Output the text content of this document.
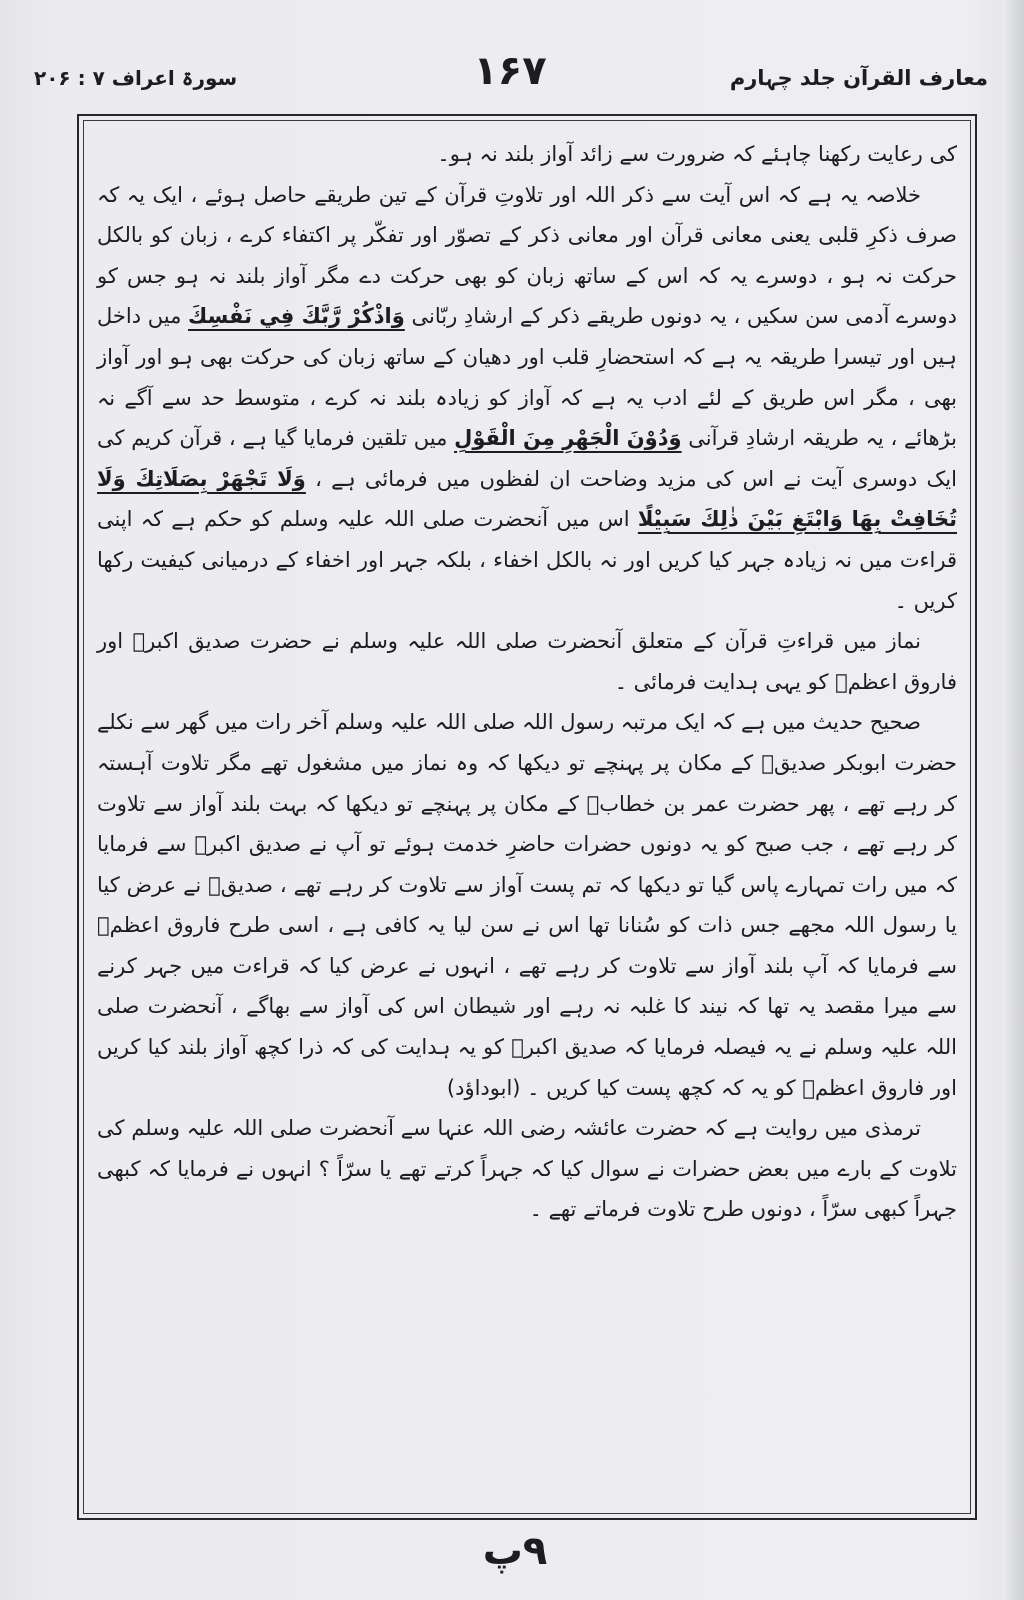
سورۃ اعراف ۷ : ۲۰۶	۱۶۷	معارف القرآن جلد چہارم

کی رعایت رکھنا چاہئے کہ ضرورت سے زائد آواز بلند نہ ہو۔

خلاصہ یہ ہے کہ اس آیت سے ذکر اللہ اور تلاوتِ قرآن کے تین طریقے حاصل ہوئے ، ایک یہ کہ صرف ذکرِ قلبی یعنی معانی قرآن اور معانی ذکر کے تصوّر اور تفکّر پر اکتفاء کرے ، زبان کو بالکل حرکت نہ ہو ، دوسرے یہ کہ اس کے ساتھ زبان کو بھی حرکت دے مگر آواز بلند نہ ہو جس کو دوسرے آدمی سن سکیں ، یہ دونوں طریقے ذکر کے ارشادِ ربّانی وَاذْكُرْ رَّبَّكَ فِي نَفْسِكَ میں داخل ہیں اور تیسرا طریقہ یہ ہے کہ استحضارِ قلب اور دھیان کے ساتھ زبان کی حرکت بھی ہو اور آواز بھی ، مگر اس طریق کے لئے ادب یہ ہے کہ آواز کو زیادہ بلند نہ کرے ، متوسط حد سے آگے نہ بڑھائے ، یہ طریقہ ارشادِ قرآنی وَدُوْنَ الْجَهْرِ مِنَ الْقَوْلِ میں تلقین فرمایا گیا ہے ، قرآن کریم کی ایک دوسری آیت نے اس کی مزید وضاحت ان لفظوں میں فرمائی ہے ، وَلَا تَجْهَرْ بِصَلَاتِكَ وَلَا تُخَافِتْ بِهَا وَابْتَغِ بَيْنَ ذٰلِكَ سَبِيْلًا اس میں آنحضرت صلی اللہ علیہ وسلم کو حکم ہے کہ اپنی قراءت میں نہ زیادہ جہر کیا کریں اور نہ بالکل اخفاء ، بلکہ جہر اور اخفاء کے درمیانی کیفیت رکھا کریں ۔

نماز میں قراءتِ قرآن کے متعلق آنحضرت صلی اللہ علیہ وسلم نے حضرت صدیق اکبرؓ اور فاروق اعظمؓ کو یہی ہدایت فرمائی ۔

صحیح حدیث میں ہے کہ ایک مرتبہ رسول اللہ صلی اللہ علیہ وسلم آخر رات میں گھر سے نکلے حضرت ابوبکر صدیقؓ کے مکان پر پہنچے تو دیکھا کہ وہ نماز میں مشغول تھے مگر تلاوت آہستہ کر رہے تھے ، پھر حضرت عمر بن خطابؓ کے مکان پر پہنچے تو دیکھا کہ بہت بلند آواز سے تلاوت کر رہے تھے ، جب صبح کو یہ دونوں حضرات حاضرِ خدمت ہوئے تو آپ نے صدیق اکبرؓ سے فرمایا کہ میں رات تمہارے پاس گیا تو دیکھا کہ تم پست آواز سے تلاوت کر رہے تھے ، صدیقؓ نے عرض کیا یا رسول اللہ مجھے جس ذات کو سُنانا تھا اس نے سن لیا یہ کافی ہے ، اسی طرح فاروق اعظمؓ سے فرمایا کہ آپ بلند آواز سے تلاوت کر رہے تھے ، انہوں نے عرض کیا کہ قراءت میں جہر کرنے سے میرا مقصد یہ تھا کہ نیند کا غلبہ نہ رہے اور شیطان اس کی آواز سے بھاگے ، آنحضرت صلی اللہ علیہ وسلم نے یہ فیصلہ فرمایا کہ صدیق اکبرؓ کو یہ ہدایت کی کہ ذرا کچھ آواز بلند کیا کریں اور فاروق اعظمؓ کو یہ کہ کچھ پست کیا کریں ۔ (ابوداؤد)

ترمذی میں روایت ہے کہ حضرت عائشہ رضی اللہ عنہا سے آنحضرت صلی اللہ علیہ وسلم کی تلاوت کے بارے میں بعض حضرات نے سوال کیا کہ جہراً کرتے تھے یا سرّاً ؟ انہوں نے فرمایا کہ کبھی جہراً کبھی سرّاً ، دونوں طرح تلاوت فرماتے تھے ۔

۹پ
